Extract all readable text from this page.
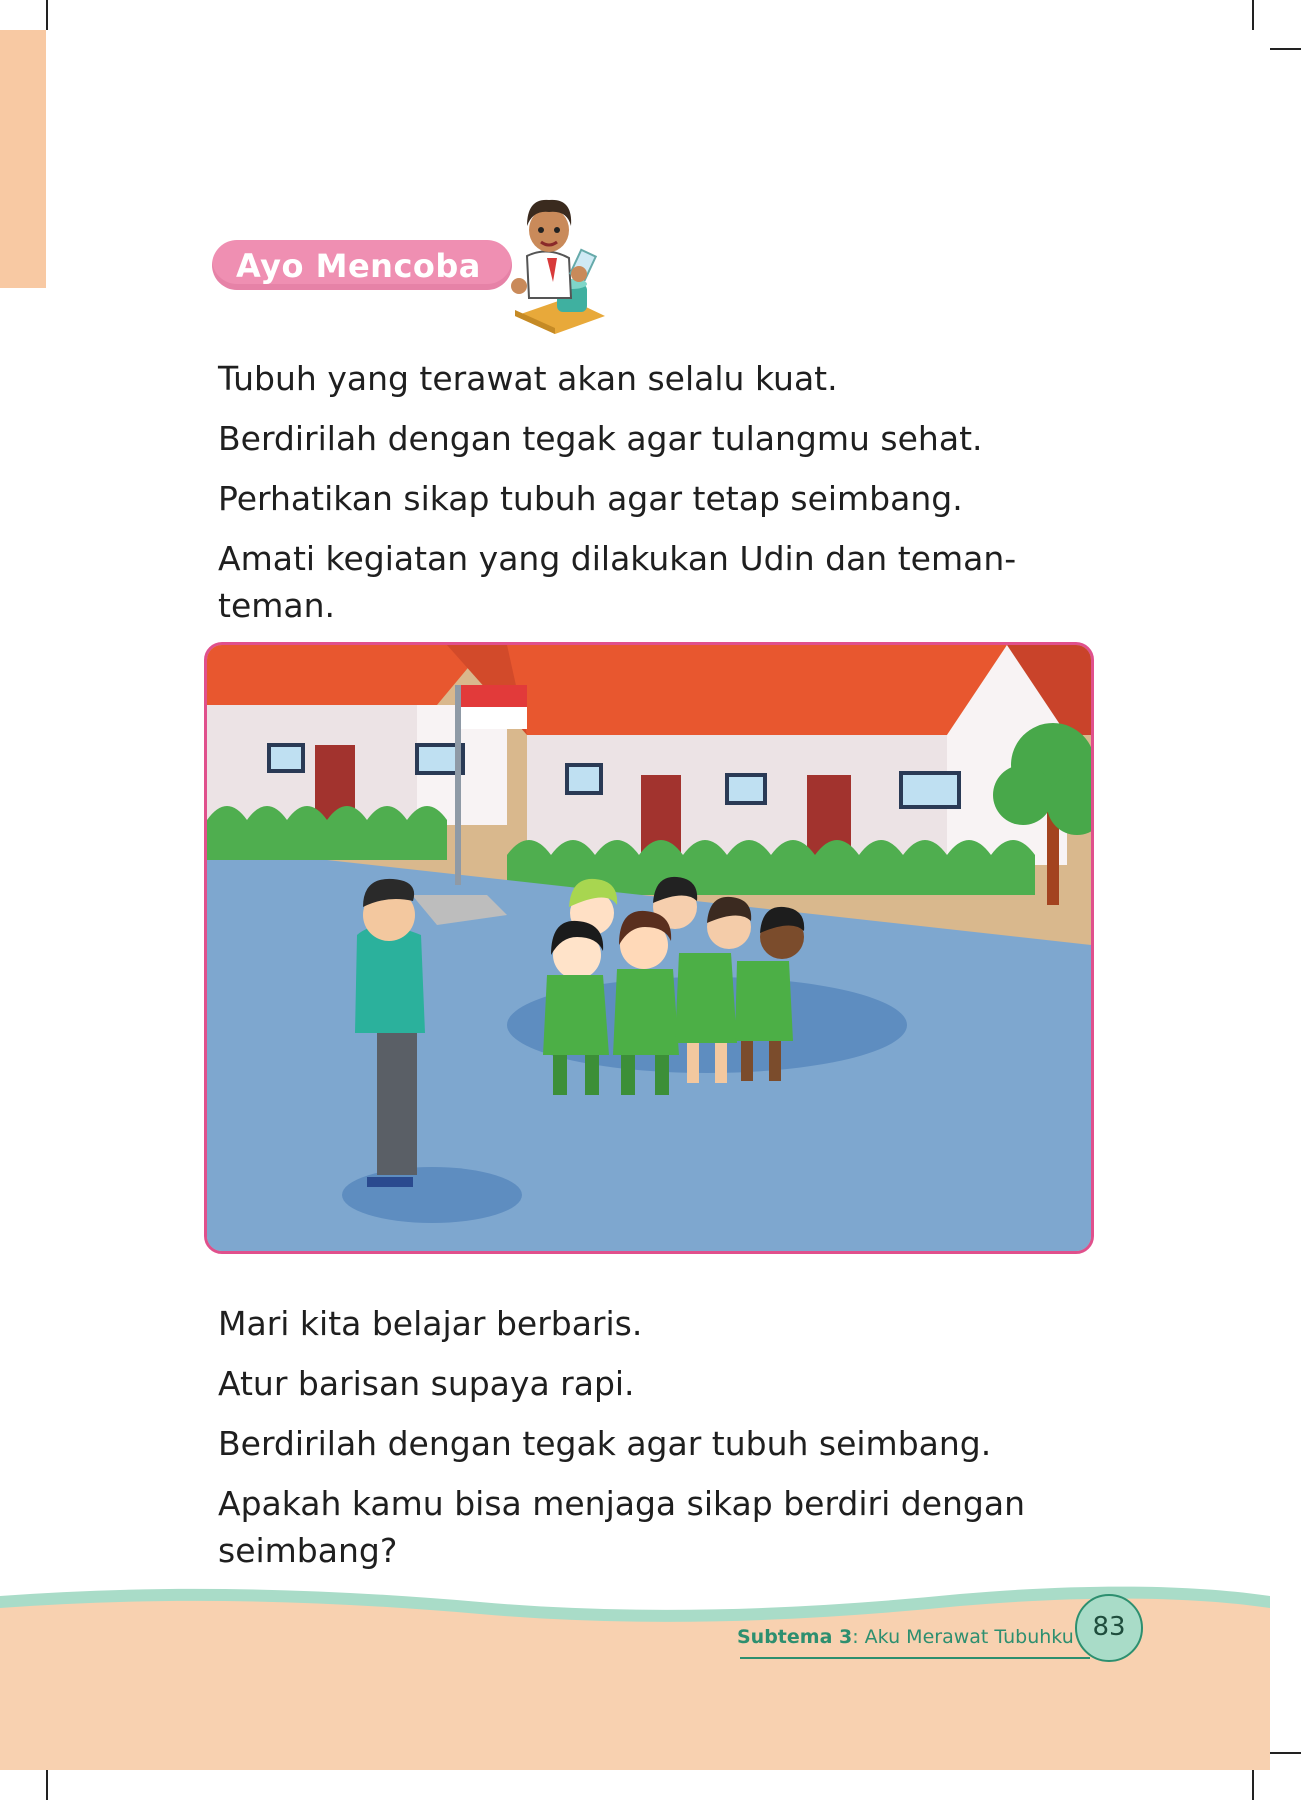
Ayo Mencoba

Tubuh yang terawat akan selalu kuat.

Berdirilah dengan tegak agar tulangmu sehat.

Perhatikan sikap tubuh agar tetap seimbang.

Amati kegiatan yang dilakukan Udin dan teman-teman.

Mari kita belajar berbaris.

Atur barisan supaya rapi.

Berdirilah dengan tegak agar tubuh seimbang.

Apakah kamu bisa menjaga sikap berdiri dengan seimbang?

Subtema 3: Aku Merawat Tubuhku 83
